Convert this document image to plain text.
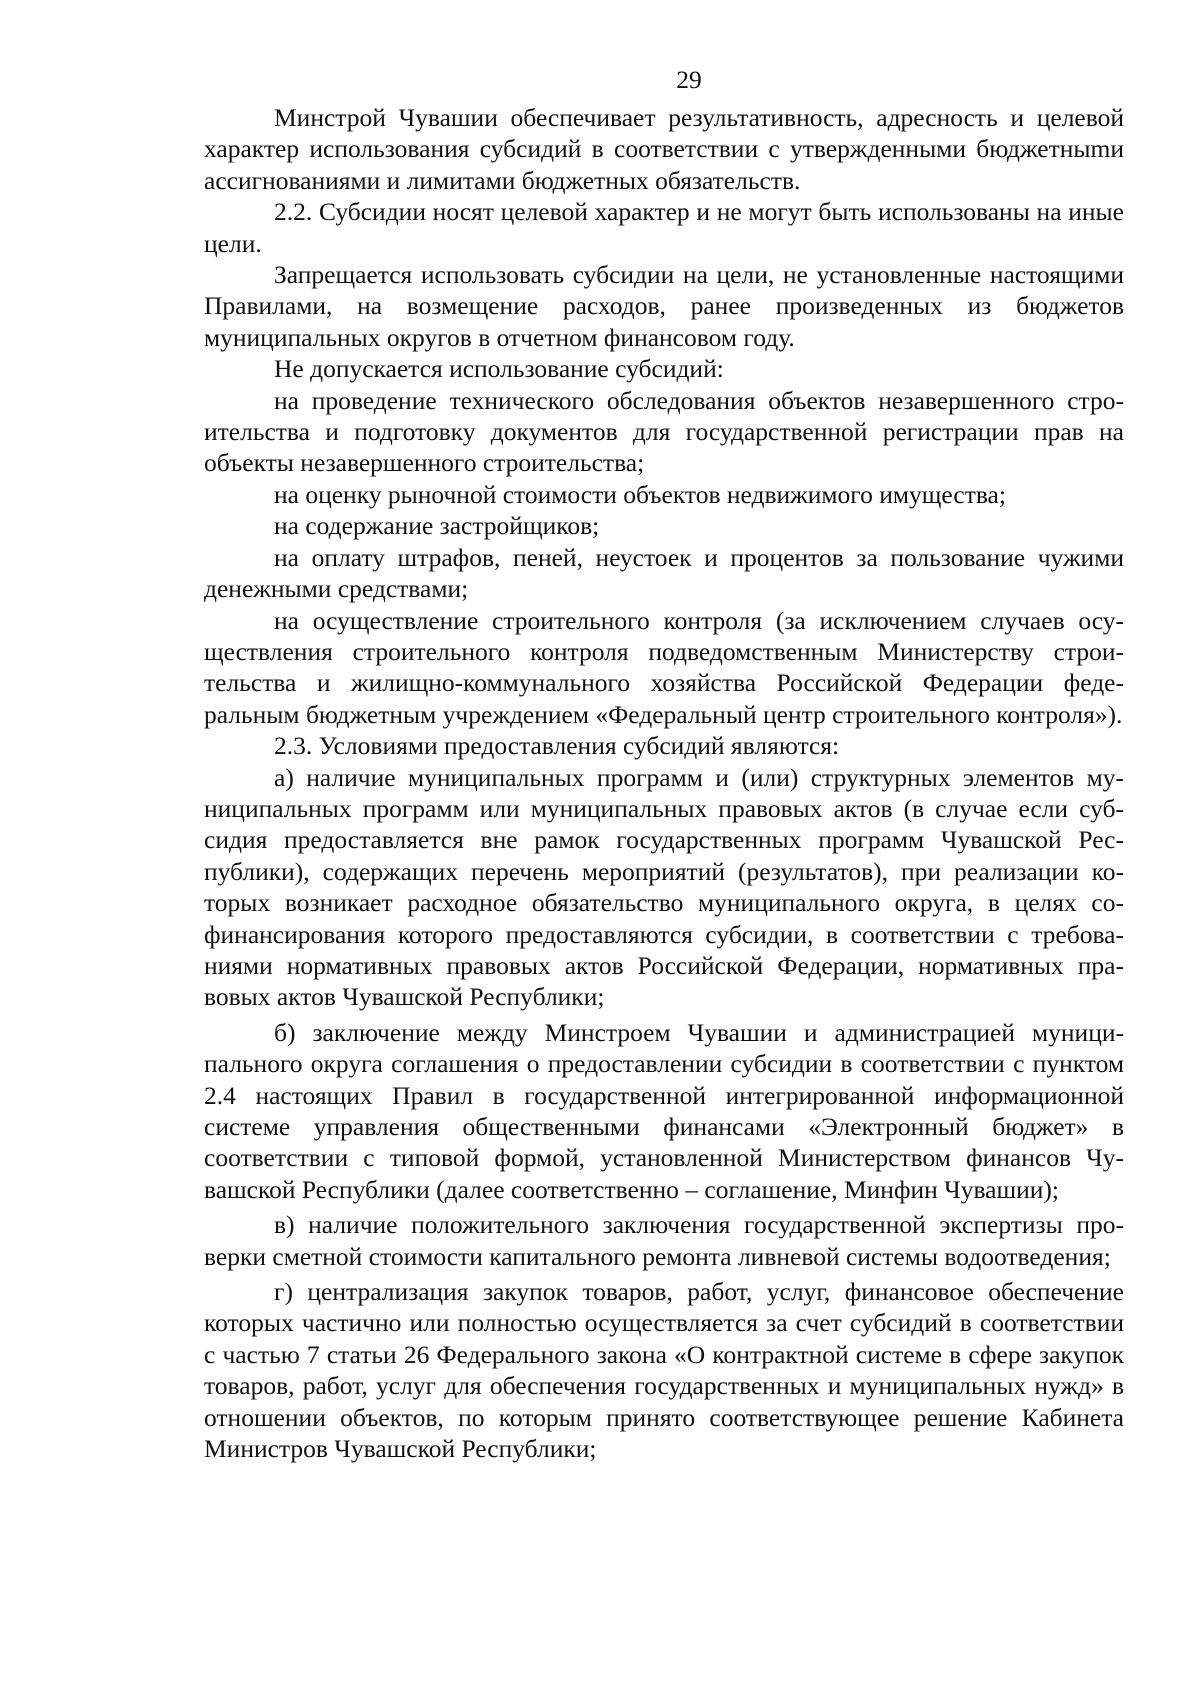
29

Минстрой Чувашии обеспечивает результативность, адресность и целевой характер использования субсидий в соответствии с утвержденными бюджетныmи ассигнованиями и лимитами бюджетных обязательств.

2.2. Субсидии носят целевой характер и не могут быть использованы на иные цели.

Запрещается использовать субсидии на цели, не установленные настоящими Правилами, на возмещение расходов, ранее произведенных из бюджетов муниципальных округов в отчетном финансовом году.

Не допускается использование субсидий:

на проведение технического обследования объектов незавершенного строительства и подготовку документов для государственной регистрации прав на объекты незавершенного строительства;

на оценку рыночной стоимости объектов недвижимого имущества;

на содержание застройщиков;

на оплату штрафов, пеней, неустоек и процентов за пользование чужими денежными средствами;

на осуществление строительного контроля (за исключением случаев осуществления строительного контроля подведомственным Министерству строительства и жилищно-коммунального хозяйства Российской Федерации федеральным бюджетным учреждением «Федеральный центр строительного контроля»).

2.3. Условиями предоставления субсидий являются:

а) наличие муниципальных программ и (или) структурных элементов муниципальных программ или муниципальных правовых актов (в случае если субсидия предоставляется вне рамок государственных программ Чувашской Республики), содержащих перечень мероприятий (результатов), при реализации которых возникает расходное обязательство муниципального округа, в целях софинансирования которого предоставляются субсидии, в соответствии с требованиями нормативных правовых актов Российской Федерации, нормативных правовых актов Чувашской Республики;

б) заключение между Минстроем Чувашии и администрацией муниципального округа соглашения о предоставлении субсидии в соответствии с пунктом 2.4 настоящих Правил в государственной интегрированной информационной системе управления общественными финансами «Электронный бюджет» в соответствии с типовой формой, установленной Министерством финансов Чувашской Республики (далее соответственно – соглашение, Минфин Чувашии);

в) наличие положительного заключения государственной экспертизы проверки сметной стоимости капитального ремонта ливневой системы водоотведения;

г) централизация закупок товаров, работ, услуг, финансовое обеспечение которых частично или полностью осуществляется за счет субсидий в соответствии с частью 7 статьи 26 Федерального закона «О контрактной системе в сфере закупок товаров, работ, услуг для обеспечения государственных и муниципальных нужд» в отношении объектов, по которым принято соответствующее решение Кабинета Министров Чувашской Республики;
